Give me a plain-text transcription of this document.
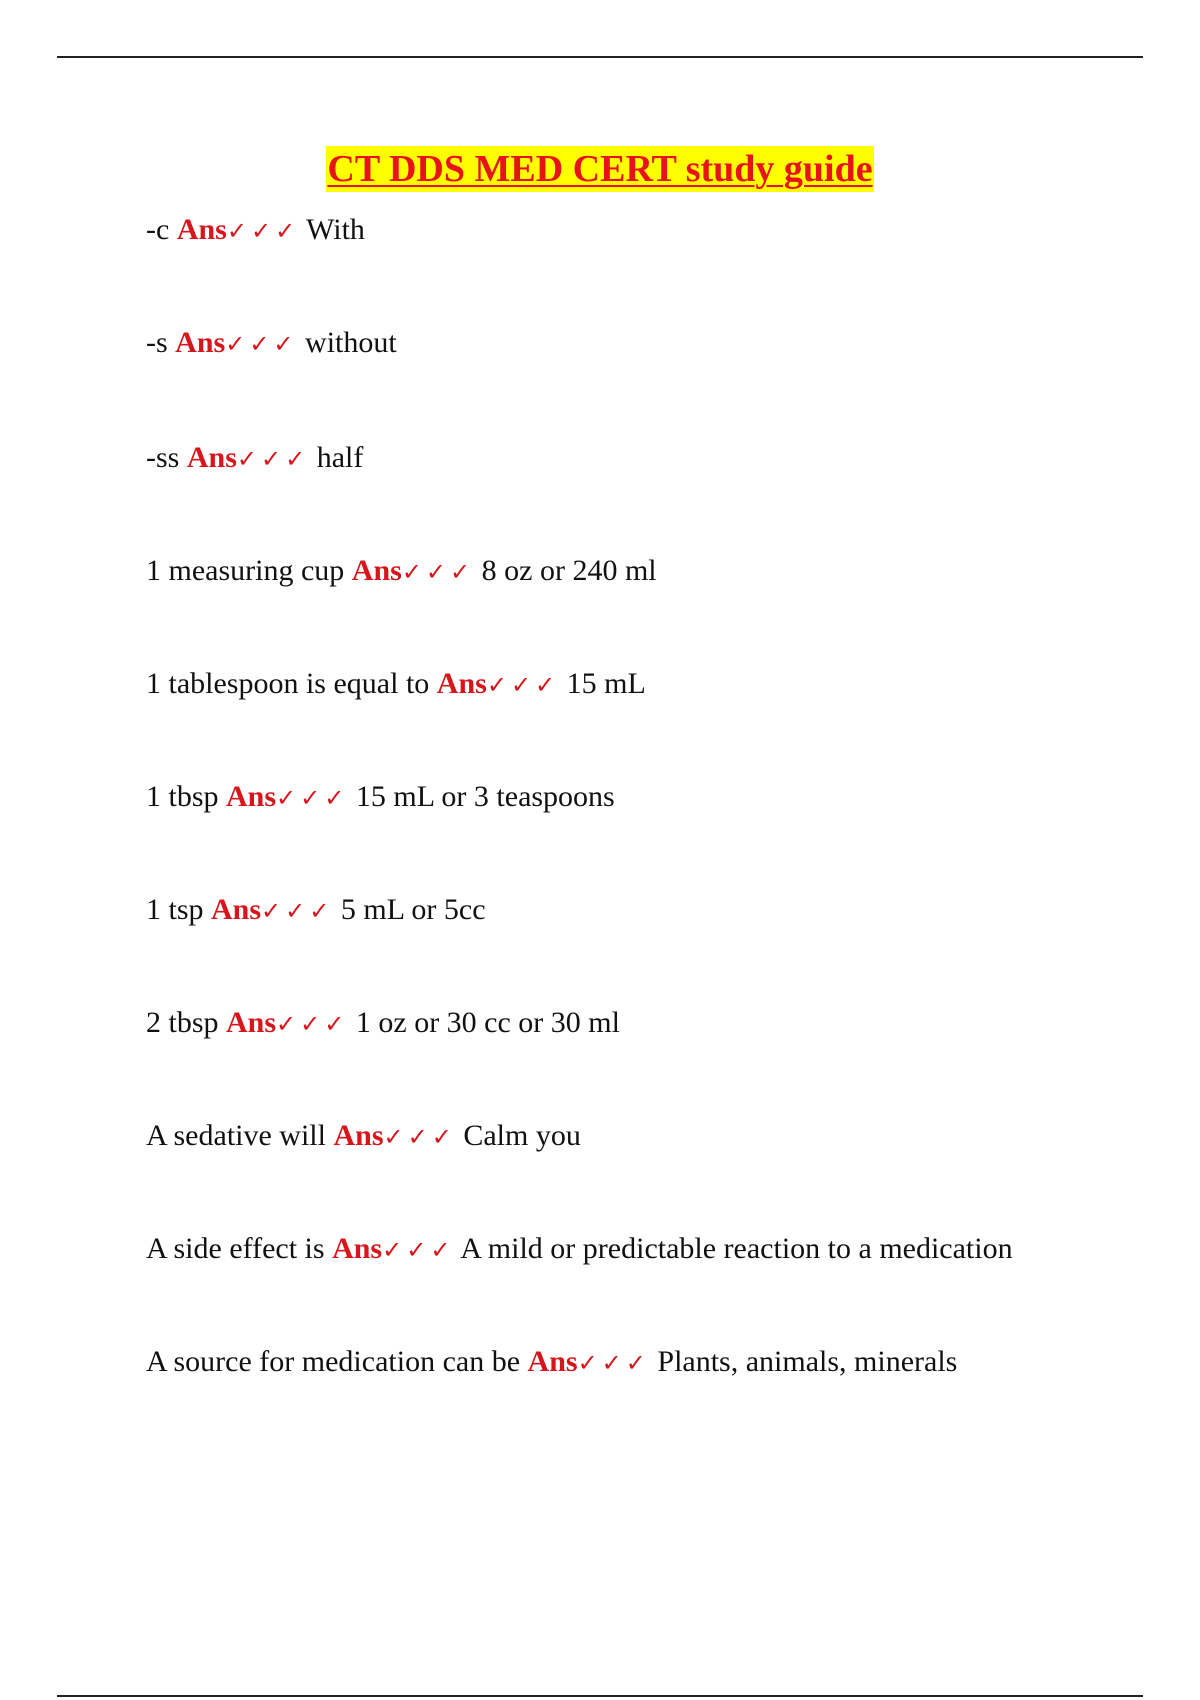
CT DDS MED CERT study guide
-c Ans✓✓✓ With
-s Ans✓✓✓ without
-ss Ans✓✓✓ half
1 measuring cup Ans✓✓✓ 8 oz or 240 ml
1 tablespoon is equal to Ans✓✓✓ 15 mL
1 tbsp Ans✓✓✓ 15 mL or 3 teaspoons
1 tsp Ans✓✓✓ 5 mL or 5cc
2 tbsp Ans✓✓✓ 1 oz or 30 cc or 30 ml
A sedative will Ans✓✓✓ Calm you
A side effect is Ans✓✓✓ A mild or predictable reaction to a medication
A source for medication can be Ans✓✓✓ Plants, animals, minerals
